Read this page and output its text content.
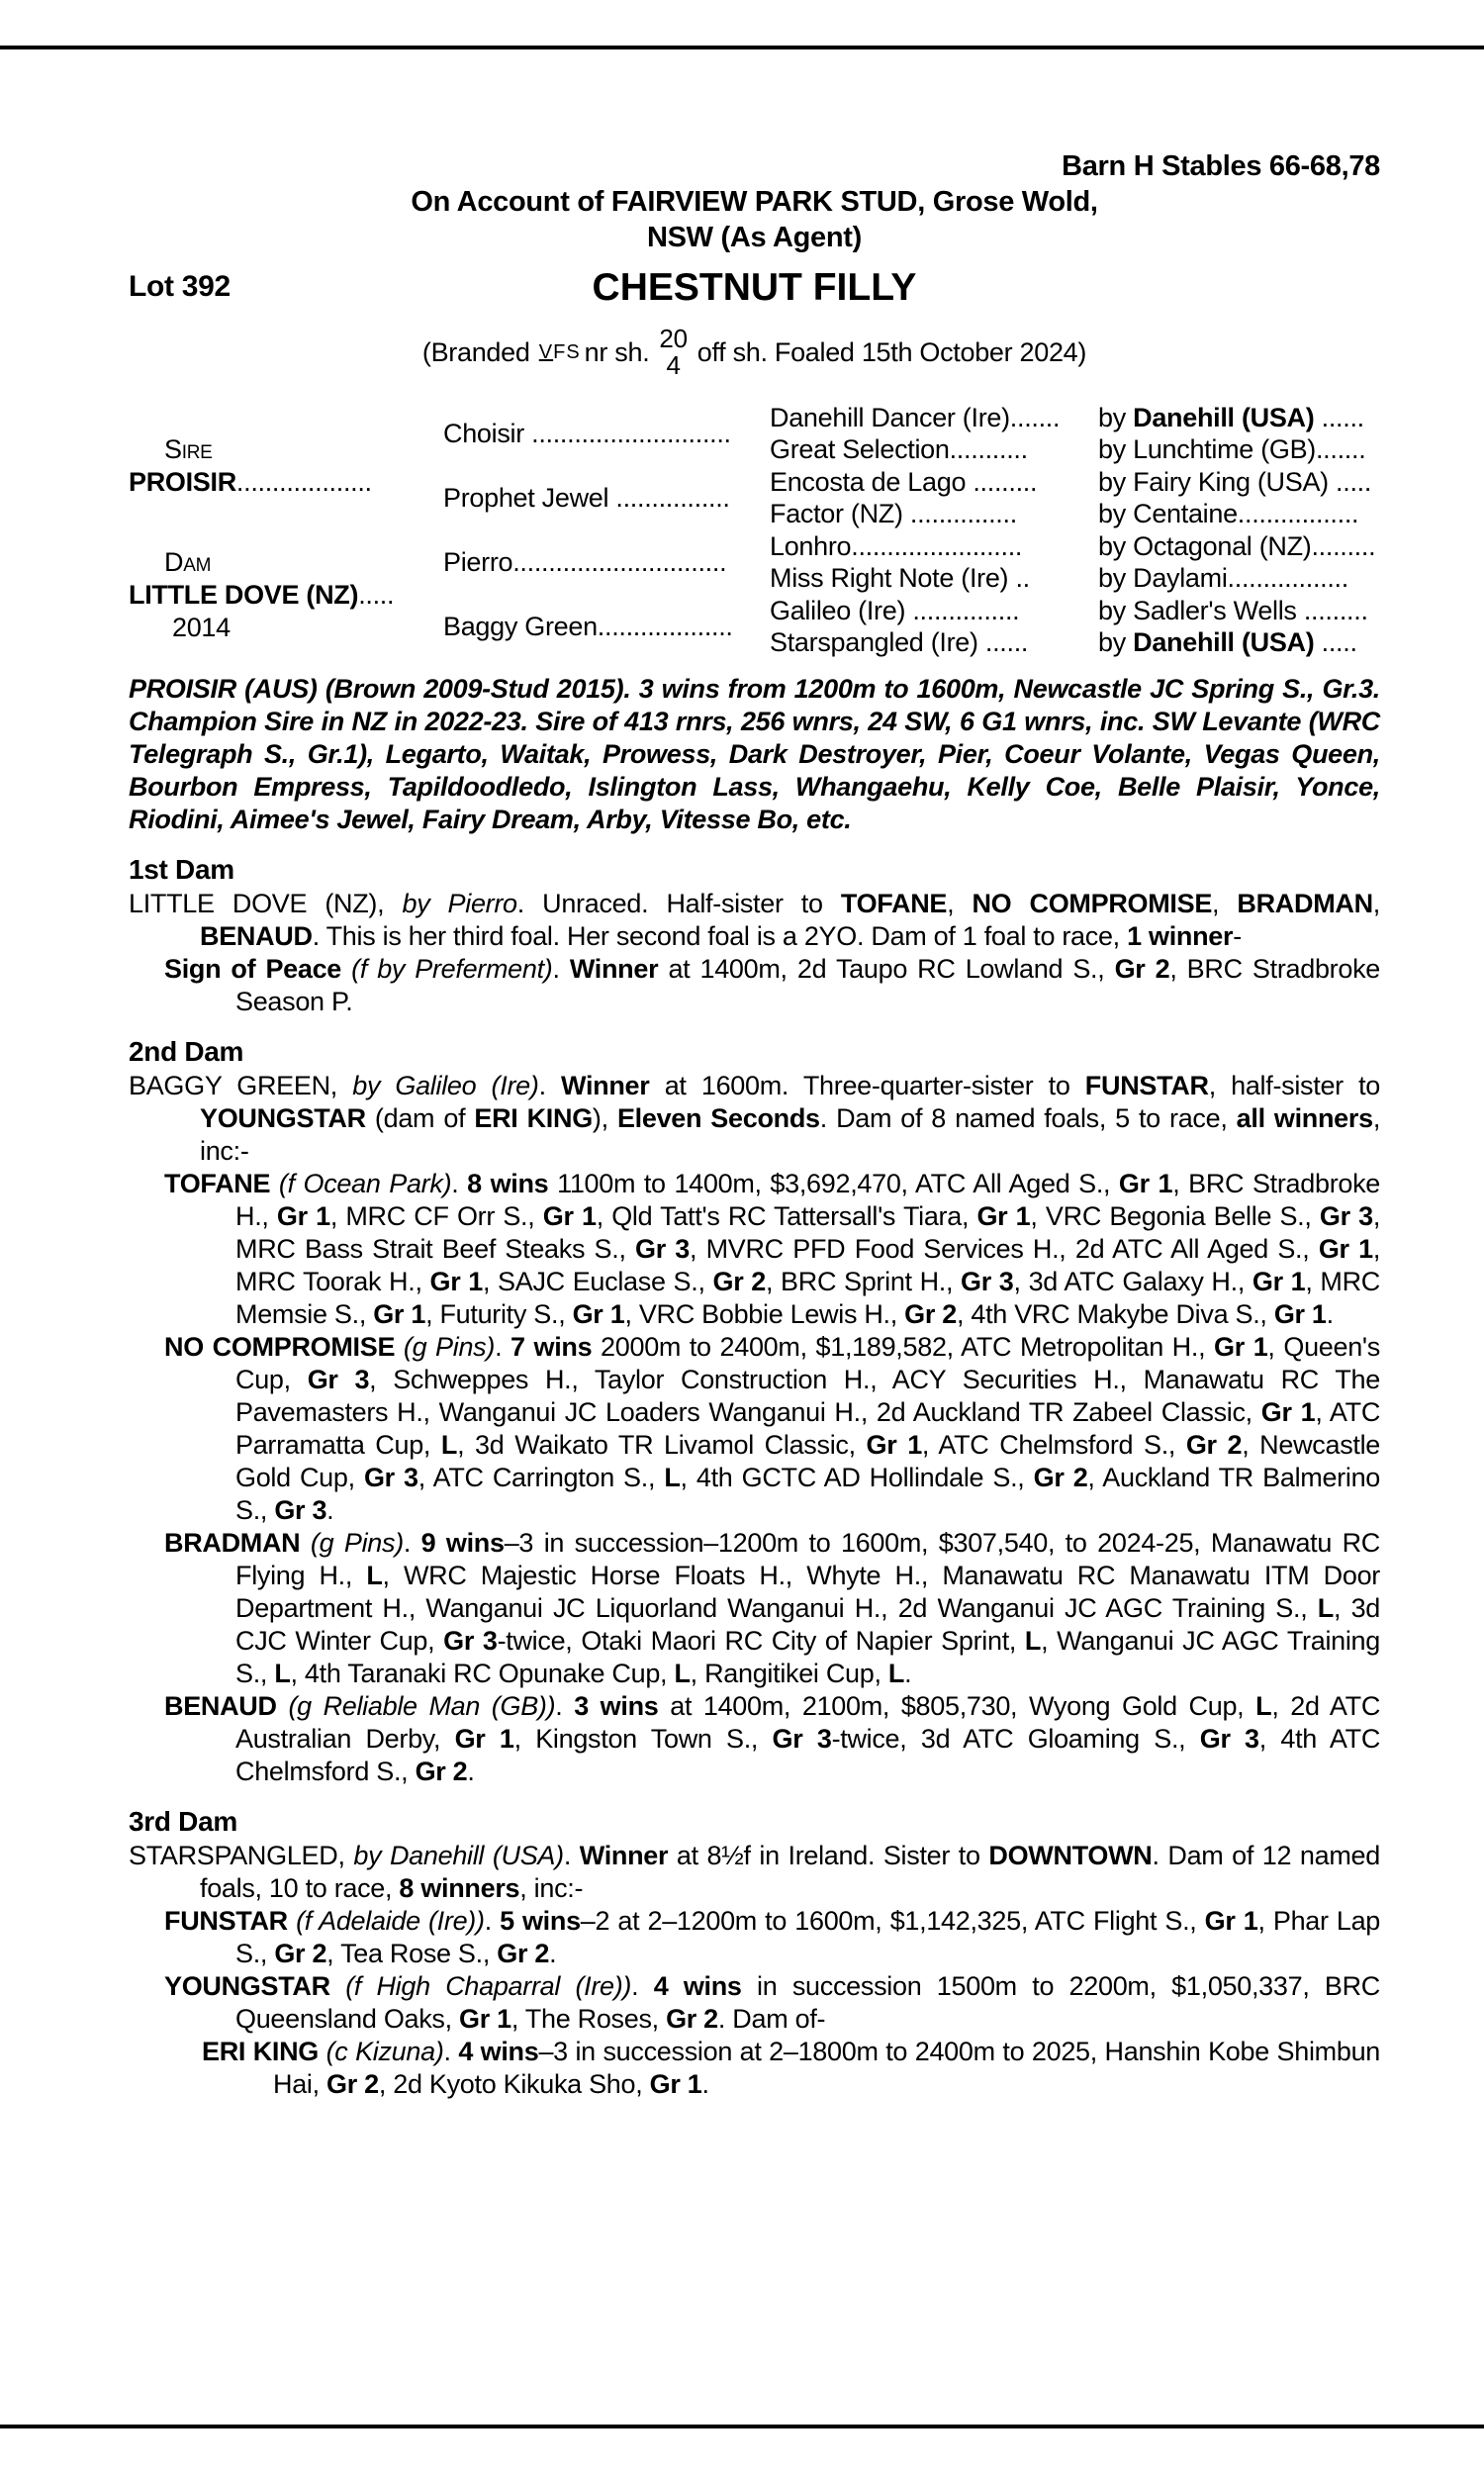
Barn H Stables 66-68,78
On Account of FAIRVIEW PARK STUD, Grose Wold,
NSW (As Agent)
Lot 392	CHESTNUT FILLY
(Branded
VFS nr sh. 20
4 off sh. Foaled 15th October 2024)
Sire
PROISIR...................
Dam
LITTLE DOVE (NZ).....
2014
Choisir ............................
Prophet Jewel ................
Pierro..............................
Baggy Green...................
Danehill Dancer (Ire).......
Great Selection...........
Encosta de Lago .........
Factor (NZ) ...............
Lonhro........................
Miss Right Note (Ire) ..
Galileo (Ire) ...............
Starspangled (Ire) ......
by Danehill (USA) ......
by Lunchtime (GB).......
by Fairy King (USA) .....
by Centaine.................
by Octagonal (NZ).........
by Daylami.................
by Sadler's Wells .........
by Danehill (USA) .....

PROISIR (AUS) (Brown 2009-Stud 2015). 3 wins from 1200m to 1600m, Newcastle JC Spring S., Gr.3. Champion Sire in NZ in 2022-23. Sire of 413 rnrs, 256 wnrs, 24 SW, 6 G1 wnrs, inc. SW Levante (WRC Telegraph S., Gr.1), Legarto, Waitak, Prowess, Dark Destroyer, Pier, Coeur Volante, Vegas Queen, Bourbon Empress, Tapildoodledo, Islington Lass, Whangaehu, Kelly Coe, Belle Plaisir, Yonce, Riodini, Aimee's Jewel, Fairy Dream, Arby, Vitesse Bo, etc.

1st Dam

LITTLE DOVE (NZ), by Pierro. Unraced. Half-sister to TOFANE, NO COMPROMISE, BRADMAN, BENAUD. This is her third foal. Her second foal is a 2YO. Dam of 1 foal to race, 1 winner-

Sign of Peace (f by Preferment). Winner at 1400m, 2d Taupo RC Lowland S., Gr 2, BRC Stradbroke Season P.

2nd Dam

BAGGY GREEN, by Galileo (Ire). Winner at 1600m. Three-quarter-sister to FUNSTAR, half-sister to YOUNGSTAR (dam of ERI KING), Eleven Seconds. Dam of 8 named foals, 5 to race, all winners, inc:-

TOFANE (f Ocean Park). 8 wins 1100m to 1400m, $3,692,470, ATC All Aged S., Gr 1, BRC Stradbroke H., Gr 1, MRC CF Orr S., Gr 1, Qld Tatt's RC Tattersall's Tiara, Gr 1, VRC Begonia Belle S., Gr 3, MRC Bass Strait Beef Steaks S., Gr 3, MVRC PFD Food Services H., 2d ATC All Aged S., Gr 1, MRC Toorak H., Gr 1, SAJC Euclase S., Gr 2, BRC Sprint H., Gr 3, 3d ATC Galaxy H., Gr 1, MRC Memsie S., Gr 1, Futurity S., Gr 1, VRC Bobbie Lewis H., Gr 2, 4th VRC Makybe Diva S., Gr 1.

NO COMPROMISE (g Pins). 7 wins 2000m to 2400m, $1,189,582, ATC Metropolitan H., Gr 1, Queen's Cup, Gr 3, Schweppes H., Taylor Construction H., ACY Securities H., Manawatu RC The Pavemasters H., Wanganui JC Loaders Wanganui H., 2d Auckland TR Zabeel Classic, Gr 1, ATC Parramatta Cup, L, 3d Waikato TR Livamol Classic, Gr 1, ATC Chelmsford S., Gr 2, Newcastle Gold Cup, Gr 3, ATC Carrington S., L, 4th GCTC AD Hollindale S., Gr 2, Auckland TR Balmerino S., Gr 3.

BRADMAN (g Pins). 9 wins–3 in succession–1200m to 1600m, $307,540, to 2024-25, Manawatu RC Flying H., L, WRC Majestic Horse Floats H., Whyte H., Manawatu RC Manawatu ITM Door Department H., Wanganui JC Liquorland Wanganui H., 2d Wanganui JC AGC Training S., L, 3d CJC Winter Cup, Gr 3-twice, Otaki Maori RC City of Napier Sprint, L, Wanganui JC AGC Training S., L, 4th Taranaki RC Opunake Cup, L, Rangitikei Cup, L.

BENAUD (g Reliable Man (GB)). 3 wins at 1400m, 2100m, $805,730, Wyong Gold Cup, L, 2d ATC Australian Derby, Gr 1, Kingston Town S., Gr 3-twice, 3d ATC Gloaming S., Gr 3, 4th ATC Chelmsford S., Gr 2.

3rd Dam

STARSPANGLED, by Danehill (USA). Winner at 8½f in Ireland. Sister to DOWNTOWN. Dam of 12 named foals, 10 to race, 8 winners, inc:-

FUNSTAR (f Adelaide (Ire)). 5 wins–2 at 2–1200m to 1600m, $1,142,325, ATC Flight S., Gr 1, Phar Lap S., Gr 2, Tea Rose S., Gr 2.

YOUNGSTAR (f High Chaparral (Ire)). 4 wins in succession 1500m to 2200m, $1,050,337, BRC Queensland Oaks, Gr 1, The Roses, Gr 2. Dam of-

ERI KING (c Kizuna). 4 wins–3 in succession at 2–1800m to 2400m to 2025, Hanshin Kobe Shimbun Hai, Gr 2, 2d Kyoto Kikuka Sho, Gr 1.
